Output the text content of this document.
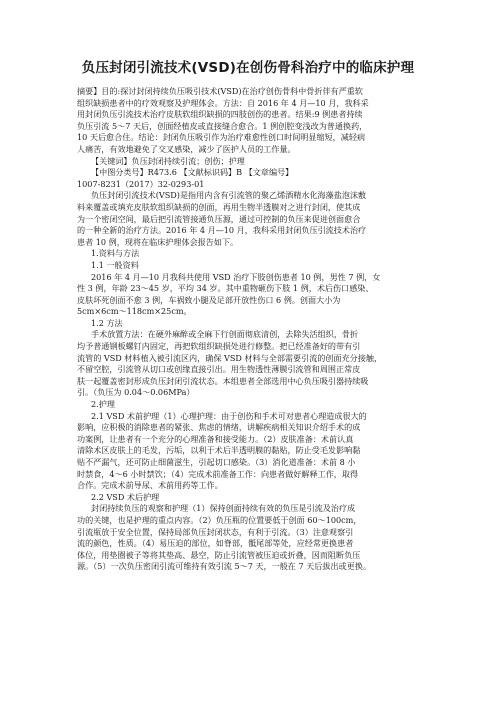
负压封闭引流技术(VSD)在创伤骨科治疗中的临床护理
摘要】目的:探讨封闭持续负压吸引技术(VSD)在治疗创伤骨科中骨折伴有严重软
组织缺损患者中的疗效观察及护理体会。方法：自 2016 年 4 月—10 月，我科采
用封闭负压引流技术治疗皮肤软组织缺损的四肢创伤的患者。结果:9 例患者持续
负压引流 5～7 天后，创面经植皮或直接缝合愈合。1 例创腔变浅改为普通换药，
10 天后愈合住。结论：封闭负压吸引作为治疗难愈性创口时间明显缩短，减轻病
人痛苦，有效地避免了交叉感染，减少了医护人员的工作量。
【关键词】负压封闭持续引流；创伤；护理
【中图分类号】R473.6 【文献标识码】B 【文章编号】
1007-8231（2017）32-0293-01
负压封闭引流技术(VSD)是指用内含有引流管的聚乙烯酒精水化海藻盐泡沫敷
料来覆盖或填充皮肤软组织缺损的创面，再用生物半透膜对之进行封闭，使其成
为一个密闭空间，最后把引流管接通负压源，通过可控制的负压来促进创面愈合
的一种全新的治疗方法。2016 年 4 月—10 月，我科采用封闭负压引流技术治疗
患者 10 例，现将在临床护理体会报告如下。
1.资料与方法
1.1 一般资料
2016 年 4 月—10 月我科共使用 VSD 治疗下肢创伤患者 10 例，男性 7 例，女
性 3 例，年龄 23～45 岁，平均 34 岁。其中重物砸伤下肢 1 例，术后伤口感染、
皮肤坏死创面不愈 3 例，车祸致小腿及足部开放性伤口 6 例。创面大小为
5cm×6cm～118cm×25cm。
1.2 方法
手术放置方法：在硬外麻醉或全麻下行创面彻底清创，去除失活组织，骨折
均予普通钢板螺钉内固定，再把软组织缺损处进行修整。把已经准备好的带有引
流管的 VSD 材料植入被引流区内，确保 VSD 材料与全部需要引流的创面充分接触，
不留空腔，引流管从切口或创缘直接引出。用生物透性薄膜引流管和周围正常皮
肤一起覆盖密封形成负压封闭引流状态。本组患者全部选用中心负压吸引器持续吸
引。（负压为 0.04～0.06MPa）
2.护理
2.1 VSD 术前护理（1）心理护理：由于创伤和手术可对患者心理造成很大的
影响，应积极的消除患者的紧张、焦虑的情绪，讲解疾病相关知识介绍手术的成
功案例，让患者有一个充分的心理准备和接受能力。（2）皮肤准备：术前认真
清除术区皮肤上的毛发，污垢，以利于术后半透明膜的黏贴，防止受毛发影响黏
贴不严漏气，还可防止细菌滋生，引起切口感染。（3）消化道准备：术前 8 小
时禁食，4～6 小时禁饮；（4）完成术前准备工作：向患者做好解释工作，取得
合作。完成术前导尿、术前用药等工作。
2.2 VSD 术后护理
封闭持续负压的观察和护理（1）保持创面持续有效的负压是引流及治疗成
功的关键，也是护理的重点内容。（2）负压瓶的位置要低于创面 60～100cm，
引流瓶放于安全位置，保持局部负压封闭状态，有利于引流。（3）注意观察引
流的颜色，性质。（4）易压迫的部位，如脊部，骶尾部等处，应经常更换患者
体位，用垫圈被子等将其垫高、悬空，防止引流管被压迫或折叠，因而阻断负压
源。（5）一次负压密闭引流可维持有效引流 5～7 天，一般在 7 天后拔出或更换。
